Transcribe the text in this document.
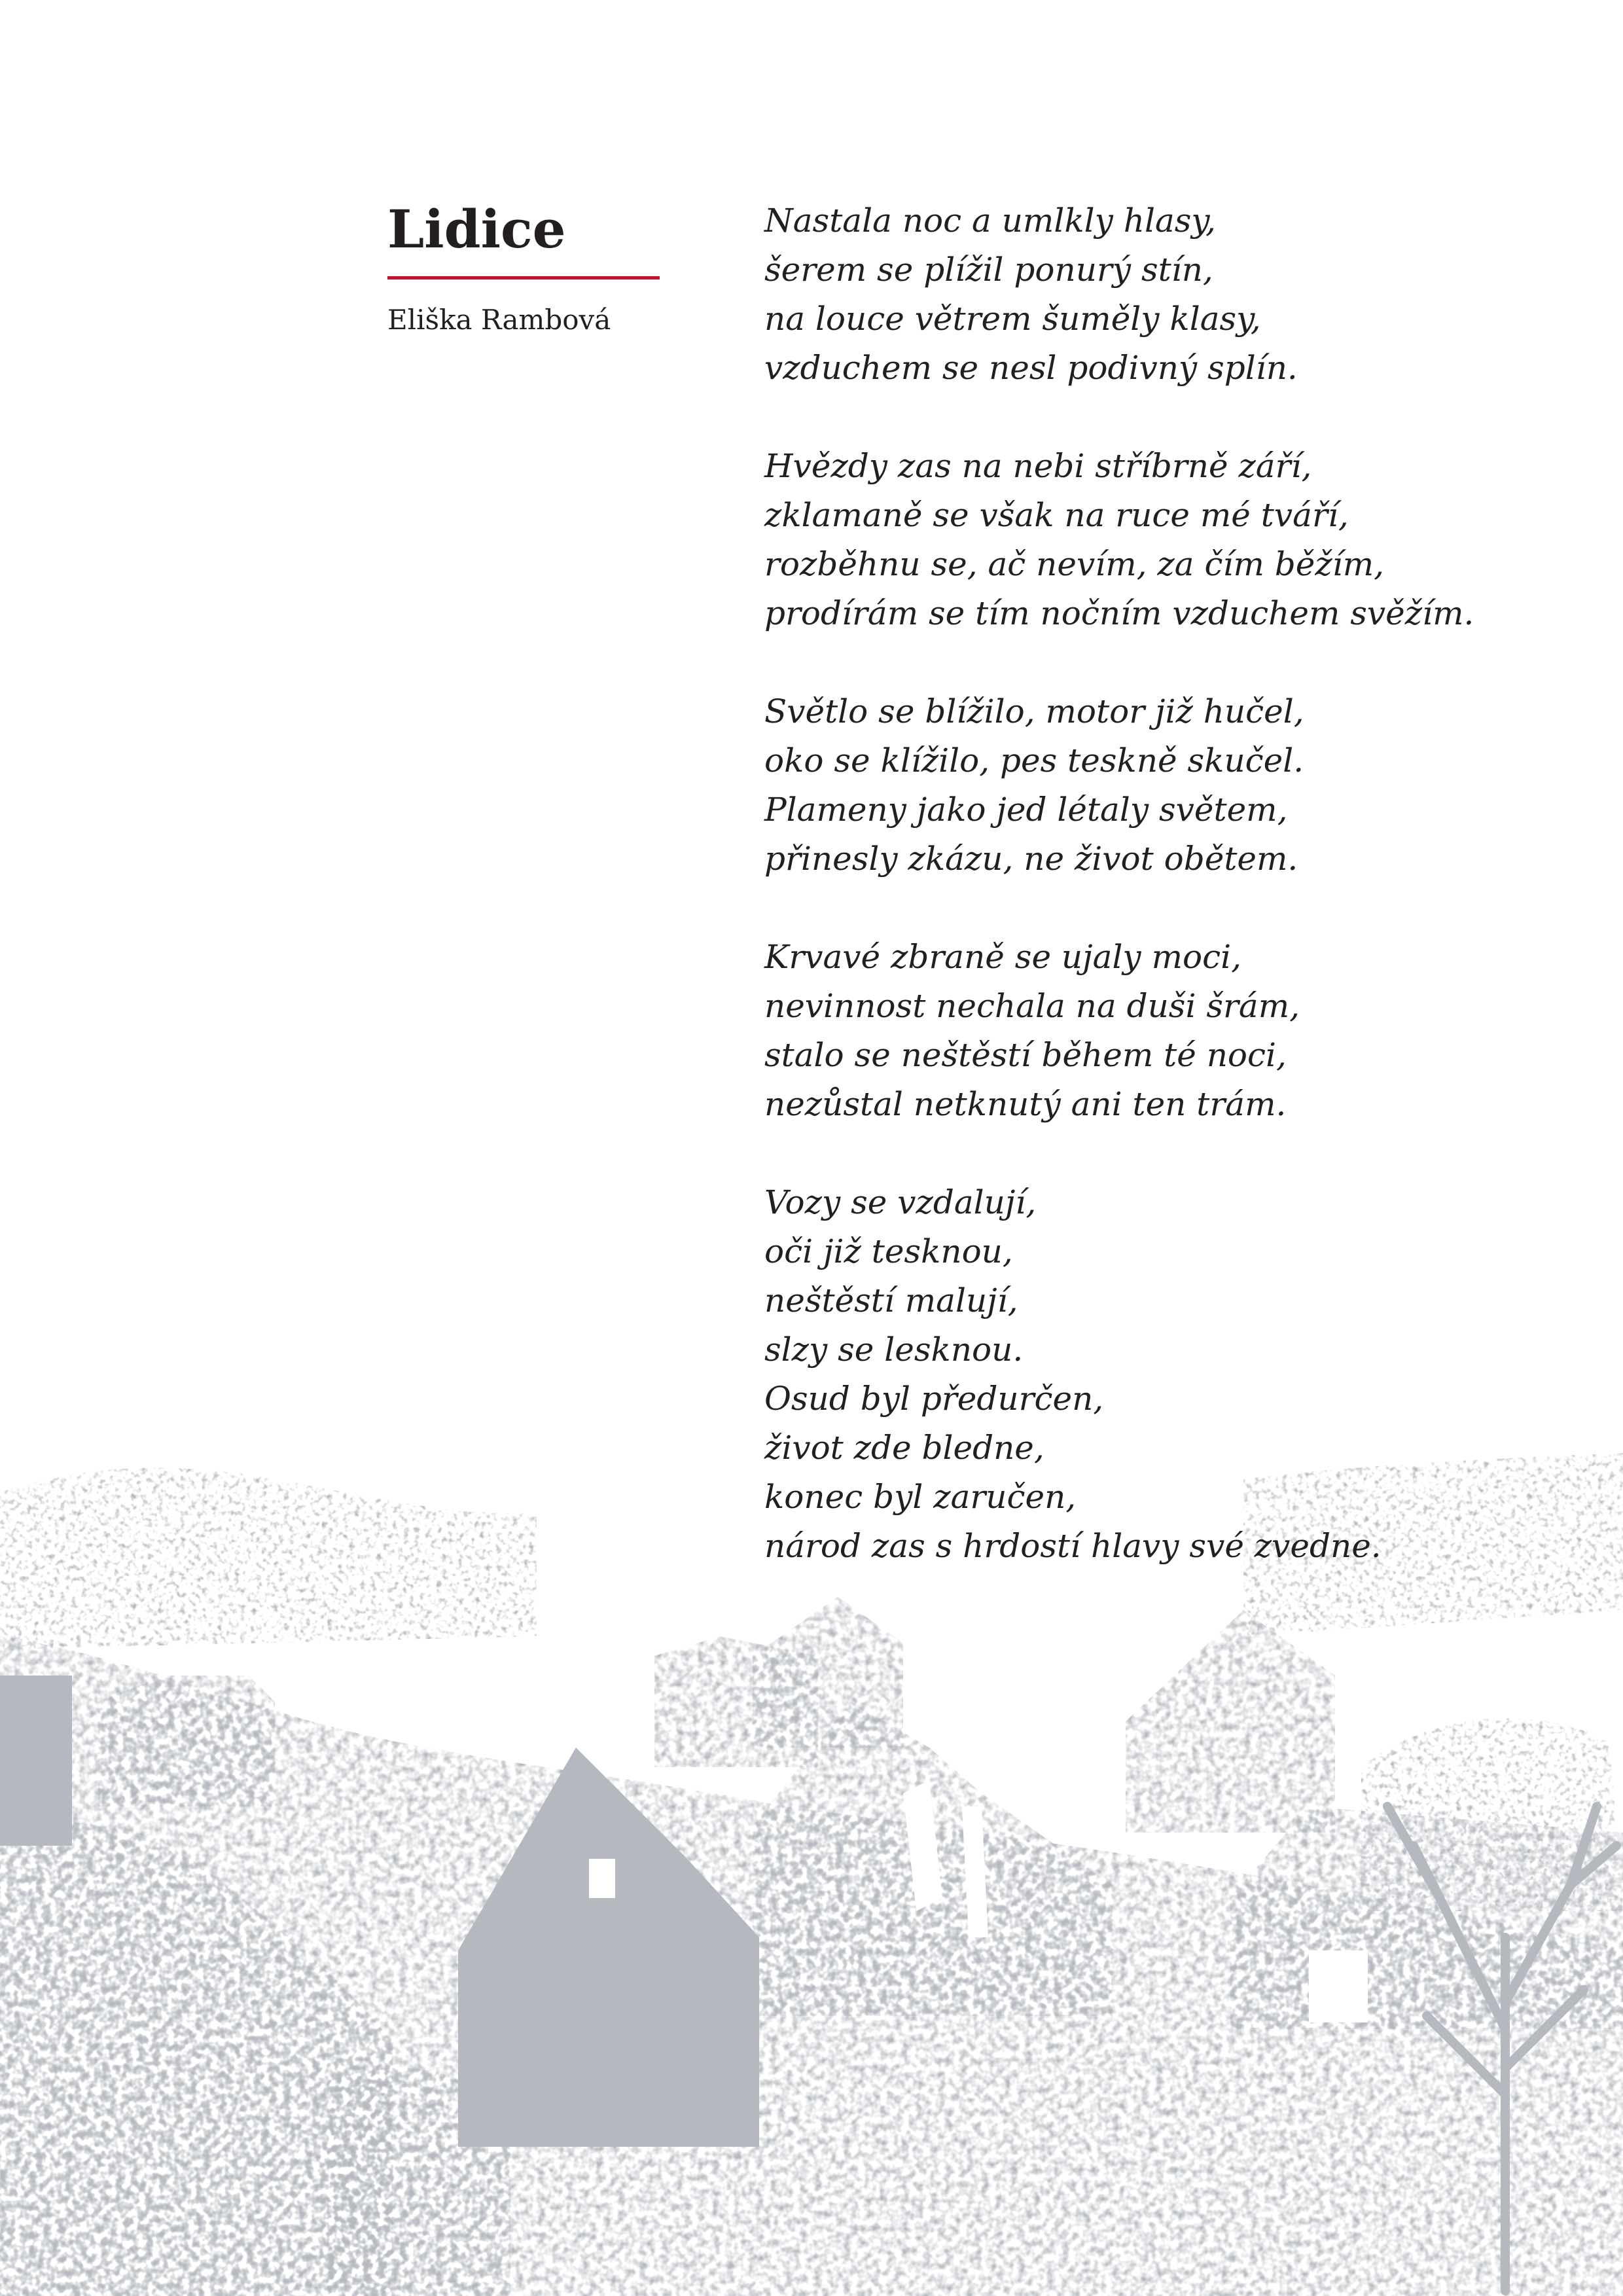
Lidice
Eliška Rambová
Nastala noc a umlkly hlasy,
šerem se plížil ponurý stín,
na louce větrem šuměly klasy,
vzduchem se nesl podivný splín.
Hvězdy zas na nebi stříbrně září,
zklamaně se však na ruce mé tváří,
rozběhnu se, ač nevím, za čím běžím,
prodírám se tím nočním vzduchem svěžím.
Světlo se blížilo, motor již hučel,
oko se klížilo, pes teskně skučel.
Plameny jako jed létaly světem,
přinesly zkázu, ne život obětem.
Krvavé zbraně se ujaly moci,
nevinnost nechala na duši šrám,
stalo se neštěstí během té noci,
nezůstal netknutý ani ten trám.
Vozy se vzdalují,
oči již tesknou,
neštěstí malují,
slzy se lesknou.
Osud byl předurčen,
život zde bledne,
konec byl zaručen,
národ zas s hrdostí hlavy své zvedne.
